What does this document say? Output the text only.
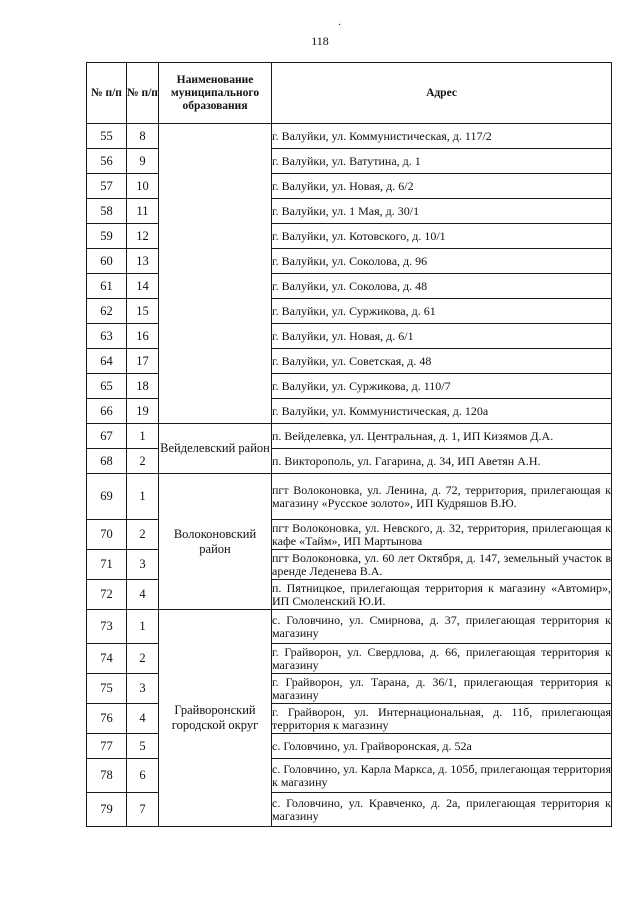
·
118
№ п/п	№ п/п	Наименование муниципального образования	Адрес
55	8		г. Валуйки, ул. Коммунистическая, д. 117/2
56	9		г. Валуйки, ул. Ватутина, д. 1
57	10		г. Валуйки, ул. Новая, д. 6/2
58	11		г. Валуйки, ул. 1 Мая, д. 30/1
59	12		г. Валуйки, ул. Котовского, д. 10/1
60	13		г. Валуйки, ул. Соколова, д. 96
61	14		г. Валуйки, ул. Соколова, д. 48
62	15		г. Валуйки, ул. Суржикова, д. 61
63	16		г. Валуйки, ул. Новая, д. 6/1
64	17		г. Валуйки, ул. Советская, д. 48
65	18		г. Валуйки, ул. Суржикова, д. 110/7
66	19		г. Валуйки, ул. Коммунистическая, д. 120а
67	1	Вейделевский район	п. Вейделевка, ул. Центральная, д. 1, ИП Кизямов Д.А.
68	2		п. Викторополь, ул. Гагарина, д. 34, ИП Аветян А.Н.
69	1	Волоконовский район	пгт Волоконовка, ул. Ленина, д. 72, территория, прилегающая к магазину «Русское золото», ИП Кудряшов В.Ю.
70	2		пгт Волоконовка, ул. Невского, д. 32, территория, прилегающая к кафе «Тайм», ИП Мартынова
71	3		пгт Волоконовка, ул. 60 лет Октября, д. 147, земельный участок в аренде Леденева В.А.
72	4		п. Пятницкое, прилегающая территория к магазину «Автомир», ИП Смоленский Ю.И.
73	1	Грайворонский городской округ	с. Головчино, ул. Смирнова, д. 37, прилегающая территория к магазину
74	2		г. Грайворон, ул. Свердлова, д. 66, прилегающая территория к магазину
75	3		г. Грайворон, ул. Тарана, д. 36/1, прилегающая территория к магазину
76	4		г. Грайворон, ул. Интернациональная, д. 11б, прилегающая территория к магазину
77	5		с. Головчино, ул. Грайворонская, д. 52а
78	6		с. Головчино, ул. Карла Маркса, д. 105б, прилегающая территория к магазину
79	7		с. Головчино, ул. Кравченко, д. 2а, прилегающая территория к магазину
